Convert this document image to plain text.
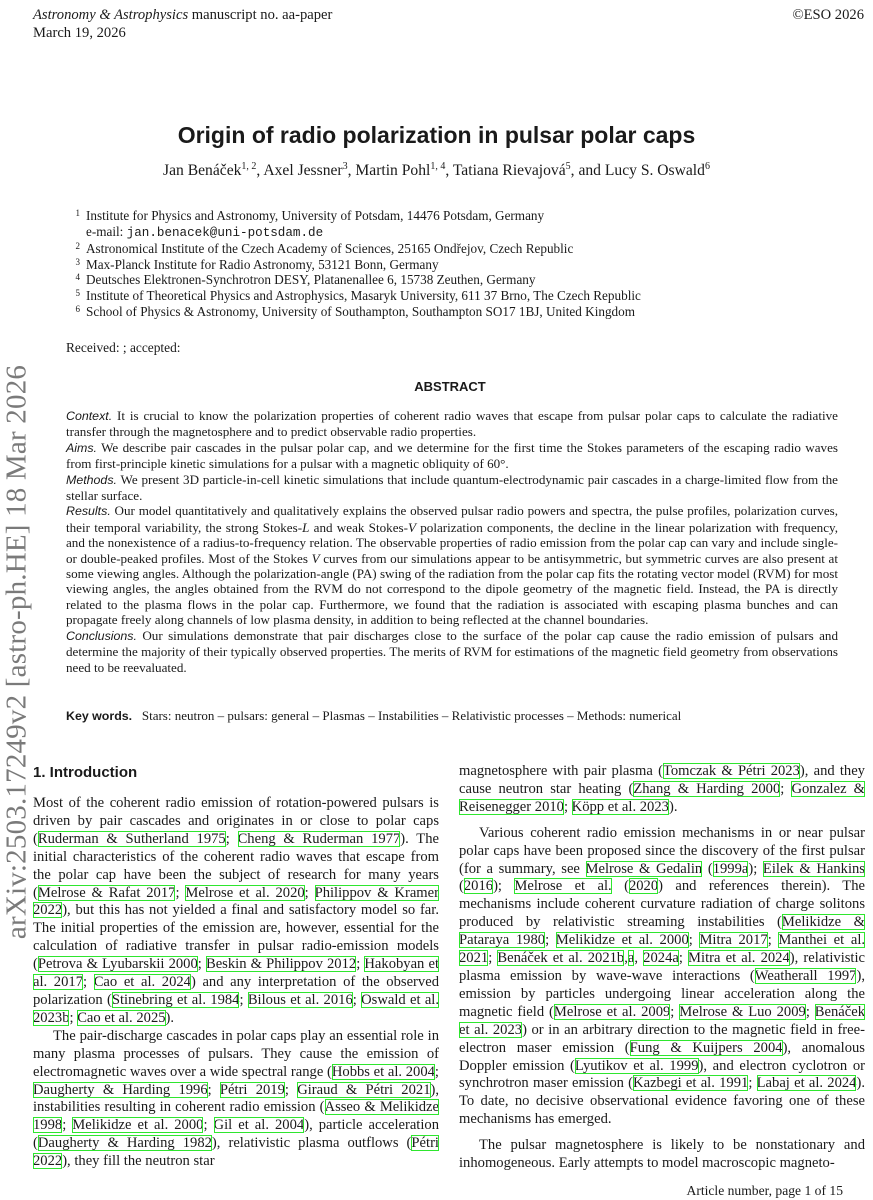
Astronomy & Astrophysics manuscript no. aa-paper
March 19, 2026
©ESO 2026
arXiv:2503.17249v2 [astro-ph.HE] 18 Mar 2026
Origin of radio polarization in pulsar polar caps
Jan Benáček$^{1, 2}$, Axel Jessner$^3$, Martin Pohl$^{1, 4}$, Tatiana Rievajová$^5$, and Lucy S. Oswald$^6$
1 Institute for Physics and Astronomy, University of Potsdam, 14476 Potsdam, Germany
e-mail: jan.benacek@uni-potsdam.de
2 Astronomical Institute of the Czech Academy of Sciences, 25165 Ondřejov, Czech Republic
3 Max-Planck Institute for Radio Astronomy, 53121 Bonn, Germany
4 Deutsches Elektronen-Synchrotron DESY, Platanenallee 6, 15738 Zeuthen, Germany
5 Institute of Theoretical Physics and Astrophysics, Masaryk University, 611 37 Brno, The Czech Republic
6 School of Physics & Astronomy, University of Southampton, Southampton SO17 1BJ, United Kingdom
Received: ; accepted:
ABSTRACT

Context. It is crucial to know the polarization properties of coherent radio waves that escape from pulsar polar caps to calculate the radiative transfer through the magnetosphere and to predict observable radio properties.

Aims. We describe pair cascades in the pulsar polar cap, and we determine for the first time the Stokes parameters of the escaping radio waves from first-principle kinetic simulations for a pulsar with a magnetic obliquity of 60°.

Methods. We present 3D particle-in-cell kinetic simulations that include quantum-electrodynamic pair cascades in a charge-limited flow from the stellar surface.

Results. Our model quantitatively and qualitatively explains the observed pulsar radio powers and spectra, the pulse profiles, polarization curves, their temporal variability, the strong Stokes-L and weak Stokes-V polarization components, the decline in the linear polarization with frequency, and the nonexistence of a radius-to-frequency relation. The observable properties of radio emission from the polar cap can vary and include single- or double-peaked profiles. Most of the Stokes V curves from our simulations appear to be antisymmetric, but symmetric curves are also present at some viewing angles. Although the polarization-angle (PA) swing of the radiation from the polar cap fits the rotating vector model (RVM) for most viewing angles, the angles obtained from the RVM do not correspond to the dipole geometry of the magnetic field. Instead, the PA is directly related to the plasma flows in the polar cap. Furthermore, we found that the radiation is associated with escaping plasma bunches and can propagate freely along channels of low plasma density, in addition to being reflected at the channel boundaries.

Conclusions. Our simulations demonstrate that pair discharges close to the surface of the polar cap cause the radio emission of pulsars and determine the majority of their typically observed properties. The merits of RVM for estimations of the magnetic field geometry from observations need to be reevaluated.

Key words. Stars: neutron – pulsars: general – Plasmas – Instabilities – Relativistic processes – Methods: numerical
1. Introduction

Most of the coherent radio emission of rotation-powered pulsars is driven by pair cascades and originates in or close to polar caps (Ruderman & Sutherland 1975; Cheng & Ruderman 1977). The initial characteristics of the coherent radio waves that escape from the polar cap have been the subject of research for many years (Melrose & Rafat 2017; Melrose et al. 2020; Philippov & Kramer 2022), but this has not yielded a final and satisfactory model so far. The initial properties of the emission are, however, essential for the calculation of radiative transfer in pulsar radio-emission models (Petrova & Lyubarskii 2000; Beskin & Philippov 2012; Hakobyan et al. 2017; Cao et al. 2024) and any interpretation of the observed polarization (Stinebring et al. 1984; Bilous et al. 2016; Oswald et al. 2023b; Cao et al. 2025).

The pair-discharge cascades in polar caps play an essential role in many plasma processes of pulsars. They cause the emission of electromagnetic waves over a wide spectral range (Hobbs et al. 2004; Daugherty & Harding 1996; Pétri 2019; Giraud & Pétri 2021), instabilities resulting in coherent radio emission (Asseo & Melikidze 1998; Melikidze et al. 2000; Gil et al. 2004), particle acceleration (Daugherty & Harding 1982), relativistic plasma outflows (Pétri 2022), they fill the neutron star

magnetosphere with pair plasma (Tomczak & Pétri 2023), and they cause neutron star heating (Zhang & Harding 2000; Gonzalez & Reisenegger 2010; Köpp et al. 2023).

Various coherent radio emission mechanisms in or near pulsar polar caps have been proposed since the discovery of the first pulsar (for a summary, see Melrose & Gedalin (1999a); Eilek & Hankins (2016); Melrose et al. (2020) and references therein). The mechanisms include coherent curvature radiation of charge solitons produced by relativistic streaming instabilities (Melikidze & Pataraya 1980; Melikidze et al. 2000; Mitra 2017; Manthei et al. 2021; Benáček et al. 2021b,a, 2024a; Mitra et al. 2024), relativistic plasma emission by wave-wave interactions (Weatherall 1997), emission by particles undergoing linear acceleration along the magnetic field (Melrose et al. 2009; Melrose & Luo 2009; Benáček et al. 2023) or in an arbitrary direction to the magnetic field in free-electron maser emission (Fung & Kuijpers 2004), anomalous Doppler emission (Lyutikov et al. 1999), and electron cyclotron or synchrotron maser emission (Kazbegi et al. 1991; Labaj et al. 2024). To date, no decisive observational evidence favoring one of these mechanisms has emerged.

The pulsar magnetosphere is likely to be nonstationary and inhomogeneous. Early attempts to model macroscopic magneto-

Article number, page 1 of 15
